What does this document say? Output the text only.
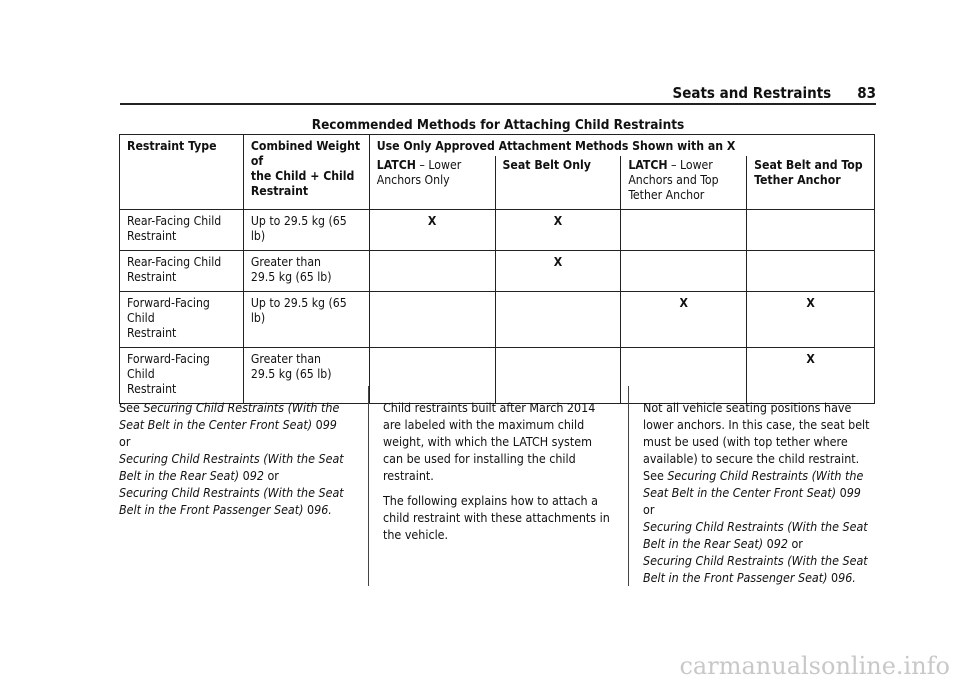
Seats and Restraints 83
Recommended Methods for Attaching Child Restraints
Restraint Type	Combined Weight of
the Child + Child
Restraint	Use Only Approved Attachment Methods Shown with an X			
		LATCH – Lower
Anchors Only	Seat Belt Only	LATCH – Lower
Anchors and Top
Tether Anchor	Seat Belt and Top
Tether Anchor
Rear-Facing Child
Restraint	Up to 29.5 kg (65 lb)	X	X		
Rear-Facing Child
Restraint	Greater than
29.5 kg (65 lb)		X		
Forward-Facing Child
Restraint	Up to 29.5 kg (65 lb)			X	X
Forward-Facing Child
Restraint	Greater than
29.5 kg (65 lb)				X

See Securing Child Restraints (With the Seat Belt in the Center Front Seat) 099 or
Securing Child Restraints (With the Seat Belt in the Rear Seat) 092 or
Securing Child Restraints (With the Seat Belt in the Front Passenger Seat) 096.

Child restraints built after March 2014 are labeled with the maximum child weight, with which the LATCH system can be used for installing the child restraint.

The following explains how to attach a child restraint with these attachments in the vehicle.

Not all vehicle seating positions have lower anchors. In this case, the seat belt must be used (with top tether where available) to secure the child restraint. See Securing Child Restraints (With the Seat Belt in the Center Front Seat) 099 or
Securing Child Restraints (With the Seat Belt in the Rear Seat) 092 or
Securing Child Restraints (With the Seat Belt in the Front Passenger Seat) 096.

carmanualsonline.info
